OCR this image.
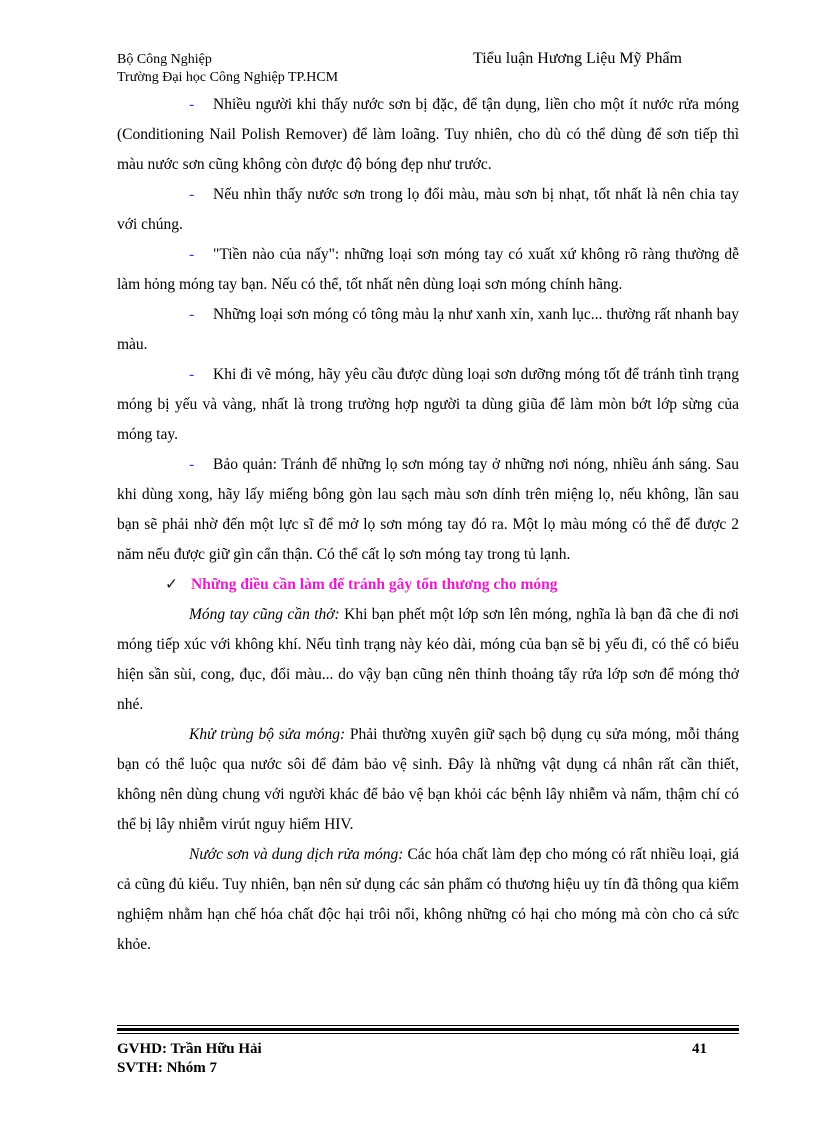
Bộ Công Nghiệp
Trường Đại học Công Nghiệp TP.HCM
Tiểu luận Hương Liệu Mỹ Phẩm

- Nhiều người khi thấy nước sơn bị đặc, để tận dụng, liền cho một ít nước rửa móng (Conditioning Nail Polish Remover) để làm loãng. Tuy nhiên, cho dù có thể dùng để sơn tiếp thì màu nước sơn cũng không còn được độ bóng đẹp như trước.

- Nếu nhìn thấy nước sơn trong lọ đổi màu, màu sơn bị nhạt, tốt nhất là nên chia tay với chúng.

- "Tiền nào của nấy": những loại sơn móng tay có xuất xứ không rõ ràng thường dễ làm hỏng móng tay bạn. Nếu có thể, tốt nhất nên dùng loại sơn móng chính hãng.

- Những loại sơn móng có tông màu lạ như xanh xỉn, xanh lục... thường rất nhanh bay màu.

- Khi đi vẽ móng, hãy yêu cầu được dùng loại sơn dưỡng móng tốt để tránh tình trạng móng bị yếu và vàng, nhất là trong trường hợp người ta dùng giũa để làm mòn bớt lớp sừng của móng tay.

- Bảo quản: Tránh để những lọ sơn móng tay ở những nơi nóng, nhiều ánh sáng. Sau khi dùng xong, hãy lấy miếng bông gòn lau sạch màu sơn dính trên miệng lọ, nếu không, lần sau bạn sẽ phải nhờ đến một lực sĩ để mở lọ sơn móng tay đó ra. Một lọ màu móng có thể để được 2 năm nếu được giữ gìn cẩn thận. Có thể cất lọ sơn móng tay trong tủ lạnh.

✓ Những điều cần làm để tránh gây tổn thương cho móng

Móng tay cũng cần thở: Khi bạn phết một lớp sơn lên móng, nghĩa là bạn đã che đi nơi móng tiếp xúc với không khí. Nếu tình trạng này kéo dài, móng của bạn sẽ bị yếu đi, có thể có biểu hiện sần sùi, cong, đục, đổi màu... do vậy bạn cũng nên thỉnh thoảng tẩy rửa lớp sơn để móng thở nhé.

Khử trùng bộ sửa móng: Phải thường xuyên giữ sạch bộ dụng cụ sửa móng, mỗi tháng bạn có thể luộc qua nước sôi để đảm bảo vệ sinh. Đây là những vật dụng cá nhân rất cần thiết, không nên dùng chung với người khác để bảo vệ bạn khỏi các bệnh lây nhiễm và nấm, thậm chí có thể bị lây nhiễm virút nguy hiểm HIV.

Nước sơn và dung dịch rửa móng: Các hóa chất làm đẹp cho móng có rất nhiều loại, giá cả cũng đủ kiểu. Tuy nhiên, bạn nên sử dụng các sản phẩm có thương hiệu uy tín đã thông qua kiểm nghiệm nhằm hạn chế hóa chất độc hại trôi nổi, không những có hại cho móng mà còn cho cả sức khỏe.

GVHD: Trần Hữu Hải
SVTH: Nhóm 7
41
